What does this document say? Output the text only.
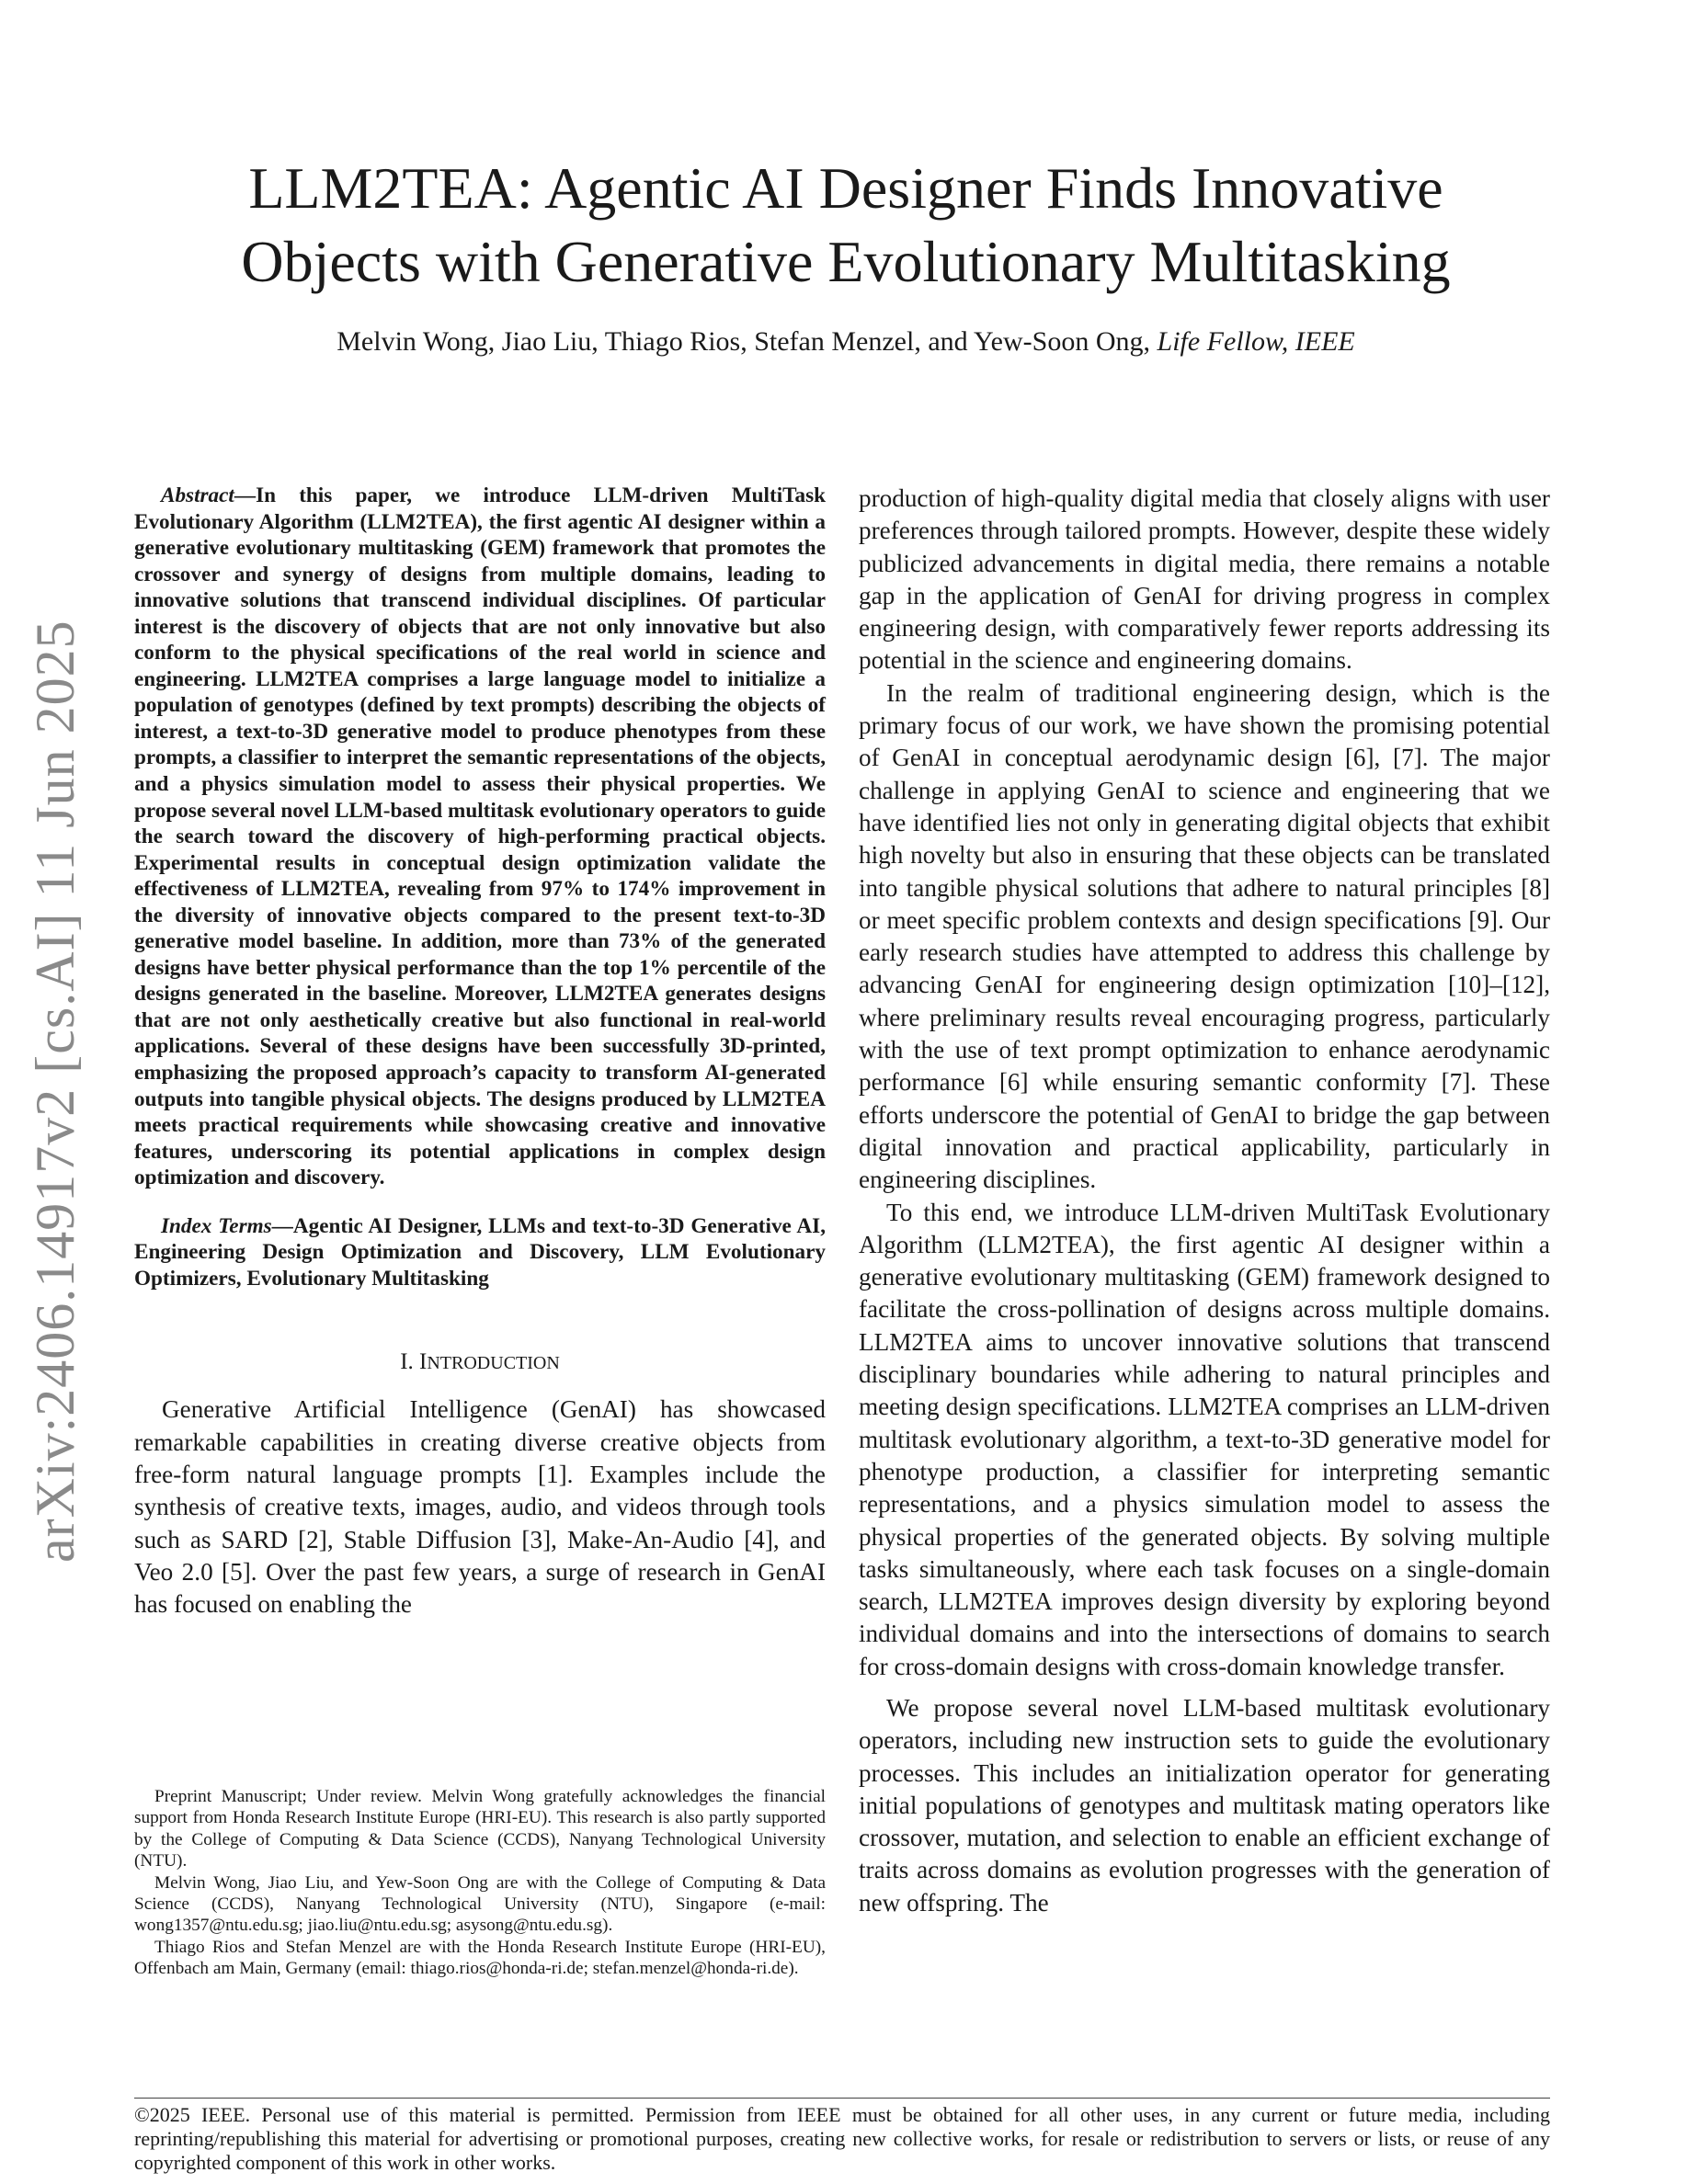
arXiv:2406.14917v2 [cs.AI] 11 Jun 2025
LLM2TEA: Agentic AI Designer Finds Innovative
Objects with Generative Evolutionary Multitasking
Melvin Wong, Jiao Liu, Thiago Rios, Stefan Menzel, and Yew-Soon Ong, Life Fellow, IEEE

Abstract—In this paper, we introduce LLM-driven MultiTask Evolutionary Algorithm (LLM2TEA), the first agentic AI designer within a generative evolutionary multitasking (GEM) framework that promotes the crossover and synergy of designs from multiple domains, leading to innovative solutions that transcend individual disciplines. Of particular interest is the discovery of objects that are not only innovative but also conform to the physical specifications of the real world in science and engineering. LLM2TEA comprises a large language model to initialize a population of genotypes (defined by text prompts) describing the objects of interest, a text-to-3D generative model to produce phenotypes from these prompts, a classifier to interpret the semantic representations of the objects, and a physics simulation model to assess their physical properties. We propose several novel LLM-based multitask evolutionary operators to guide the search toward the discovery of high-performing practical objects. Experimental results in conceptual design optimization validate the effectiveness of LLM2TEA, revealing from 97% to 174% improvement in the diversity of innovative objects compared to the present text-to-3D generative model baseline. In addition, more than 73% of the generated designs have better physical performance than the top 1% percentile of the designs generated in the baseline. Moreover, LLM2TEA generates designs that are not only aesthetically creative but also functional in real-world applications. Several of these designs have been successfully 3D-printed, emphasizing the proposed approach’s capacity to transform AI-generated outputs into tangible physical objects. The designs produced by LLM2TEA meets practical requirements while showcasing creative and innovative features, underscoring its potential applications in complex design optimization and discovery.

Index Terms—Agentic AI Designer, LLMs and text-to-3D Generative AI, Engineering Design Optimization and Discovery, LLM Evolutionary Optimizers, Evolutionary Multitasking

I. INTRODUCTION

Generative Artificial Intelligence (GenAI) has showcased remarkable capabilities in creating diverse creative objects from free-form natural language prompts [1]. Examples include the synthesis of creative texts, images, audio, and videos through tools such as SARD [2], Stable Diffusion [3], Make-An-Audio [4], and Veo 2.0 [5]. Over the past few years, a surge of research in GenAI has focused on enabling the

Preprint Manuscript; Under review. Melvin Wong gratefully acknowledges the financial support from Honda Research Institute Europe (HRI-EU). This research is also partly supported by the College of Computing & Data Science (CCDS), Nanyang Technological University (NTU).

Melvin Wong, Jiao Liu, and Yew-Soon Ong are with the College of Computing & Data Science (CCDS), Nanyang Technological University (NTU), Singapore (e-mail: wong1357@ntu.edu.sg; jiao.liu@ntu.edu.sg; asysong@ntu.edu.sg).

Thiago Rios and Stefan Menzel are with the Honda Research Institute Europe (HRI-EU), Offenbach am Main, Germany (email: thiago.rios@honda-ri.de; stefan.menzel@honda-ri.de).

production of high-quality digital media that closely aligns with user preferences through tailored prompts. However, despite these widely publicized advancements in digital media, there remains a notable gap in the application of GenAI for driving progress in complex engineering design, with comparatively fewer reports addressing its potential in the science and engineering domains.

In the realm of traditional engineering design, which is the primary focus of our work, we have shown the promising potential of GenAI in conceptual aerodynamic design [6], [7]. The major challenge in applying GenAI to science and engineering that we have identified lies not only in generating digital objects that exhibit high novelty but also in ensuring that these objects can be translated into tangible physical solutions that adhere to natural principles [8] or meet specific problem contexts and design specifications [9]. Our early research studies have attempted to address this challenge by advancing GenAI for engineering design optimization [10]–[12], where preliminary results reveal encouraging progress, particularly with the use of text prompt optimization to enhance aerodynamic performance [6] while ensuring semantic conformity [7]. These efforts underscore the potential of GenAI to bridge the gap between digital innovation and practical applicability, particularly in engineering disciplines.

To this end, we introduce LLM-driven MultiTask Evolutionary Algorithm (LLM2TEA), the first agentic AI designer within a generative evolutionary multitasking (GEM) framework designed to facilitate the cross-pollination of designs across multiple domains. LLM2TEA aims to uncover innovative solutions that transcend disciplinary boundaries while adhering to natural principles and meeting design specifications. LLM2TEA comprises an LLM-driven multitask evolutionary algorithm, a text-to-3D generative model for phenotype production, a classifier for interpreting semantic representations, and a physics simulation model to assess the physical properties of the generated objects. By solving multiple tasks simultaneously, where each task focuses on a single-domain search, LLM2TEA improves design diversity by exploring beyond individual domains and into the intersections of domains to search for cross-domain designs with cross-domain knowledge transfer.

We propose several novel LLM-based multitask evolutionary operators, including new instruction sets to guide the evolutionary processes. This includes an initialization operator for generating initial populations of genotypes and multitask mating operators like crossover, mutation, and selection to enable an efficient exchange of traits across domains as evolution progresses with the generation of new offspring. The

©2025 IEEE. Personal use of this material is permitted. Permission from IEEE must be obtained for all other uses, in any current or future media, including reprinting/republishing this material for advertising or promotional purposes, creating new collective works, for resale or redistribution to servers or lists, or reuse of any copyrighted component of this work in other works.
